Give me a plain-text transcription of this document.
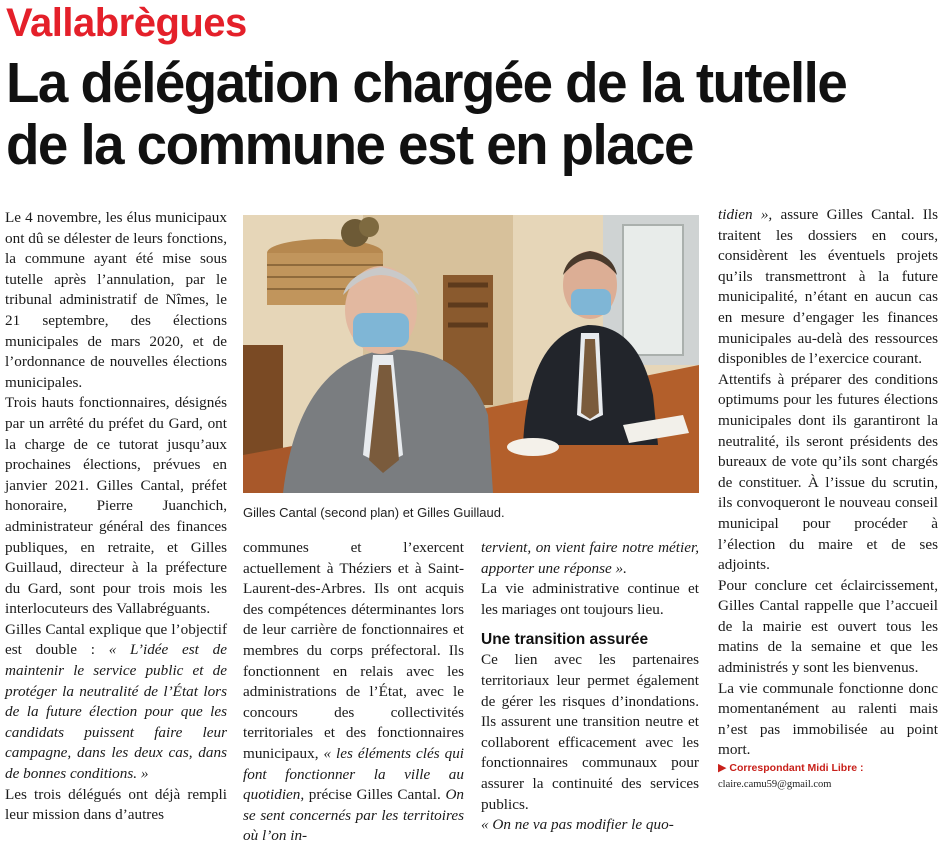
Vallabrègues
La délégation chargée de la tutelle
de la commune est en place

Le 4 novembre, les élus municipaux ont dû se délester de leurs fonctions, la commune ayant été mise sous tutelle après l’annulation, par le tribunal administratif de Nîmes, le 21 septembre, des élections municipales de mars 2020, et de l’ordonnance de nouvelles élections municipales.

Trois hauts fonctionnaires, désignés par un arrêté du préfet du Gard, ont la charge de ce tutorat jusqu’aux prochaines élections, prévues en janvier 2021. Gilles Cantal, préfet honoraire, Pierre Juanchich, administrateur général des finances publiques, en retraite, et Gilles Guillaud, directeur à la préfecture du Gard, sont pour trois mois les interlocuteurs des Vallabréguants.

Gilles Cantal explique que l’objectif est double : « L’idée est de maintenir le service public et de protéger la neutralité de l’État lors de la future élection pour que les candidats puissent faire leur campagne, dans les deux cas, dans de bonnes conditions. »

Les trois délégués ont déjà rempli leur mission dans d’autres

Gilles Cantal (second plan) et Gilles Guillaud.

communes et l’exercent actuellement à Théziers et à Saint-Laurent-des-Arbres. Ils ont acquis des compétences déterminantes lors de leur carrière de fonctionnaires et membres du corps préfectoral. Ils fonctionnent en relais avec les administrations de l’État, avec le concours des collectivités territoriales et des fonctionnaires municipaux, « les éléments clés qui font fonctionner la ville au quotidien, précise Gilles Cantal. On se sent concernés par les territoires où l’on in-

tervient, on vient faire notre métier, apporter une réponse ».

La vie administrative continue et les mariages ont toujours lieu.

Une transition assurée

Ce lien avec les partenaires territoriaux leur permet également de gérer les risques d’inondations. Ils assurent une transition neutre et collaborent efficacement avec les fonctionnaires communaux pour assurer la continuité des services publics.

« On ne va pas modifier le quo-

tidien », assure Gilles Cantal. Ils traitent les dossiers en cours, considèrent les éventuels projets qu’ils transmettront à la future municipalité, n’étant en aucun cas en mesure d’engager les finances municipales au-delà des ressources disponibles de l’exercice courant.

Attentifs à préparer des conditions optimums pour les futures élections municipales dont ils garantiront la neutralité, ils seront présidents des bureaux de vote qu’ils sont chargés de constituer. À l’issue du scrutin, ils convoqueront le nouveau conseil municipal pour procéder à l’élection du maire et de ses adjoints.

Pour conclure cet éclaircissement, Gilles Cantal rappelle que l’accueil de la mairie est ouvert tous les matins de la semaine et que les administrés y sont les bienvenus.

La vie communale fonctionne donc momentanément au ralenti mais n’est pas immobilisée au point mort.

▶ Correspondant Midi Libre :
claire.camu59@gmail.com
